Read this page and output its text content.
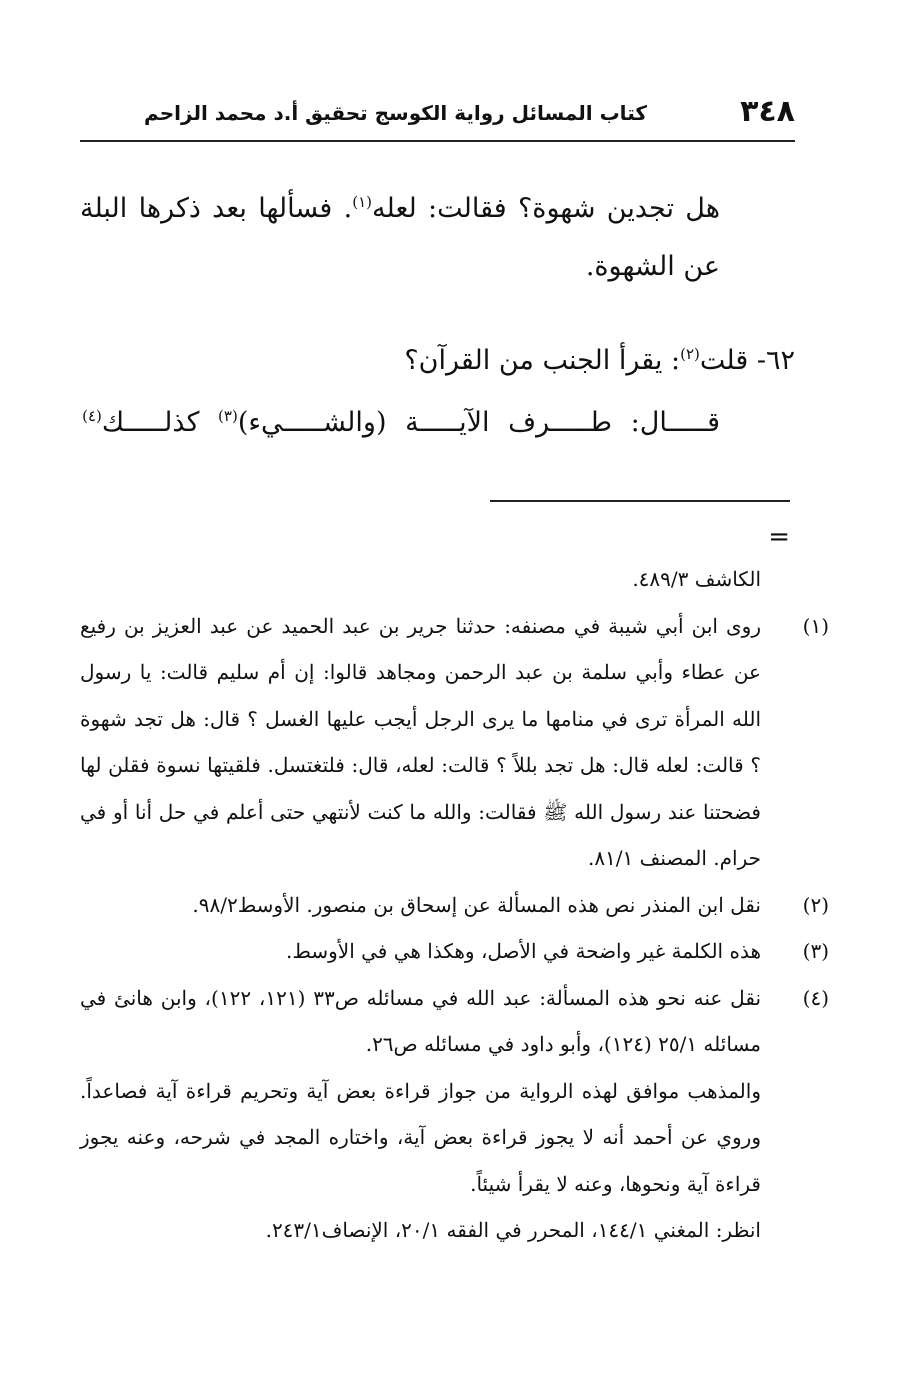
٣٤٨
كتاب المسائل رواية الكوسج تحقيق أ.د محمد الزاحم

هل تجدين شهوة؟ فقالت: لعله$^{(١)}$. فسألها بعد ذكرها البلة عن الشهوة.

٦٢- قلت$^{(٢)}$: يقرأ الجنب من القرآن؟
قـــــال: طـــــرف الآيـــــة (والشـــــيء)$^{(٣)}$ كذلـــــك$^{(٤)}$
=

الكاشف ٤٨٩/٣.

(١)روى ابن أبي شيبة في مصنفه: حدثنا جرير بن عبد الحميد عن عبد العزيز بن رفيع عن عطاء وأبي سلمة بن عبد الرحمن ومجاهد قالوا: إن أم سليم قالت: يا رسول الله المرأة ترى في منامها ما يرى الرجل أيجب عليها الغسل ؟ قال: هل تجد شهوة ؟ قالت: لعله قال: هل تجد بللاً ؟ قالت: لعله، قال: فلتغتسل. فلقيتها نسوة فقلن لها فضحتنا عند رسول الله ﷺ فقالت: والله ما كنت لأنتهي حتى أعلم في حل أنا أو في حرام. المصنف ٨١/١.

(٢)نقل ابن المنذر نص هذه المسألة عن إسحاق بن منصور. الأوسط٩٨/٢.

(٣)هذه الكلمة غير واضحة في الأصل، وهكذا هي في الأوسط.

(٤)نقل عنه نحو هذه المسألة: عبد الله في مسائله ص٣٣ (١٢١، ١٢٢)، وابن هانئ في مسائله ٢٥/١ (١٢٤)، وأبو داود في مسائله ص٢٦.

والمذهب موافق لهذه الرواية من جواز قراءة بعض آية وتحريم قراءة آية فصاعداً. وروي عن أحمد أنه لا يجوز قراءة بعض آية، واختاره المجد في شرحه، وعنه يجوز قراءة آية ونحوها، وعنه لا يقرأ شيئاً.

انظر: المغني ١٤٤/١، المحرر في الفقه ٢٠/١، الإنصاف٢٤٣/١.
